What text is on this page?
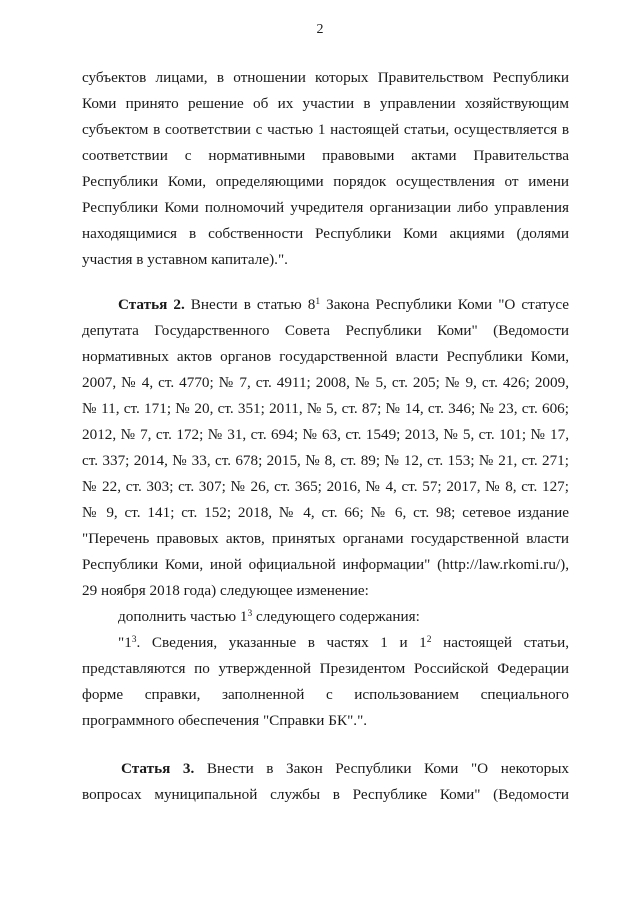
2
субъектов лицами, в отношении которых Правительством Республики
Коми принято решение об их участии в управлении хозяйствующим
субъектом в соответствии с частью 1 настоящей статьи, осуществляется в
соответствии с нормативными правовыми актами Правительства
Республики Коми, определяющими порядок осуществления от имени
Республики Коми полномочий учредителя организации либо управления
находящимися в собственности Республики Коми акциями (долями
участия в уставном капитале).".
Статья 2. Внести в статью $8^1$ Закона Республики Коми "О статусе
депутата Государственного Совета Республики Коми" (Ведомости
нормативных актов органов государственной власти Республики Коми,
2007, № 4, ст. 4770; № 7, ст. 4911; 2008, № 5, ст. 205; № 9, ст. 426; 2009,
№ 11, ст. 171; № 20, ст. 351; 2011, № 5, ст. 87; № 14, ст. 346; № 23, ст. 606;
2012, № 7, ст. 172; № 31, ст. 694; № 63, ст. 1549; 2013, № 5, ст. 101; № 17,
ст. 337; 2014, № 33, ст. 678; 2015, № 8, ст. 89; № 12, ст. 153; № 21, ст. 271;
№ 22, ст. 303; ст. 307; № 26, ст. 365; 2016, № 4, ст. 57; 2017, № 8, ст. 127;
№ 9, ст. 141; ст. 152; 2018, № 4, ст. 66; № 6, ст. 98; сетевое издание
"Перечень правовых актов, принятых органами государственной власти
Республики Коми, иной официальной информации" (http://law.rkomi.ru/),
29 ноября 2018 года) следующее изменение:
дополнить частью $1^3$ следующего содержания:
"$1^3$. Сведения, указанные в частях 1 и $1^2$ настоящей статьи,
представляются по утвержденной Президентом Российской Федерации
форме справки, заполненной с использованием специального
программного обеспечения "Справки БК".".
Статья 3. Внести в Закон Республики Коми "О некоторых
вопросах муниципальной службы в Республике Коми" (Ведомости
